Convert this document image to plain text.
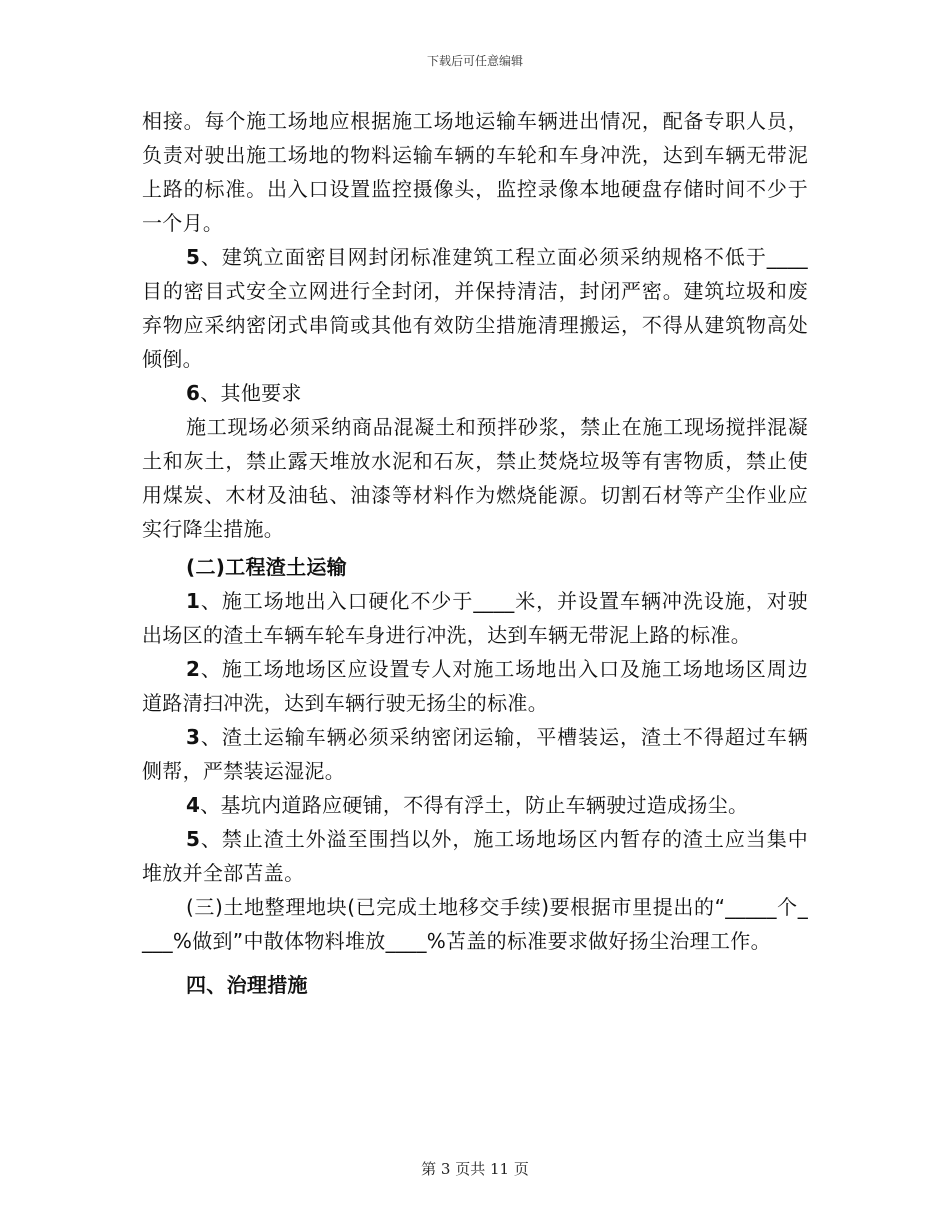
下载后可任意编辑

相接。每个施工场地应根据施工场地运输车辆进出情况，配备专职人员，负责对驶出施工场地的物料运输车辆的车轮和车身冲洗，达到车辆无带泥上路的标准。出入口设置监控摄像头，监控录像本地硬盘存储时间不少于一个月。

5、建筑立面密目网封闭标准建筑工程立面必须采纳规格不低于____目的密目式安全立网进行全封闭，并保持清洁，封闭严密。建筑垃圾和废弃物应采纳密闭式串筒或其他有效防尘措施清理搬运，不得从建筑物高处倾倒。

6、其他要求

施工现场必须采纳商品混凝土和预拌砂浆，禁止在施工现场搅拌混凝土和灰土，禁止露天堆放水泥和石灰，禁止焚烧垃圾等有害物质，禁止使用煤炭、木材及油毡、油漆等材料作为燃烧能源。切割石材等产尘作业应实行降尘措施。

(二)工程渣土运输

1、施工场地出入口硬化不少于____米，并设置车辆冲洗设施，对驶出场区的渣土车辆车轮车身进行冲洗，达到车辆无带泥上路的标准。

2、施工场地场区应设置专人对施工场地出入口及施工场地场区周边道路清扫冲洗，达到车辆行驶无扬尘的标准。

3、渣土运输车辆必须采纳密闭运输，平槽装运，渣土不得超过车辆侧帮，严禁装运湿泥。

4、基坑内道路应硬铺，不得有浮土，防止车辆驶过造成扬尘。

5、禁止渣土外溢至围挡以外，施工场地场区内暂存的渣土应当集中堆放并全部苫盖。

(三)土地整理地块(已完成土地移交手续)要根据市里提出的“_____个____%做到”中散体物料堆放____%苫盖的标准要求做好扬尘治理工作。

四、治理措施

第 3 页共 11 页
